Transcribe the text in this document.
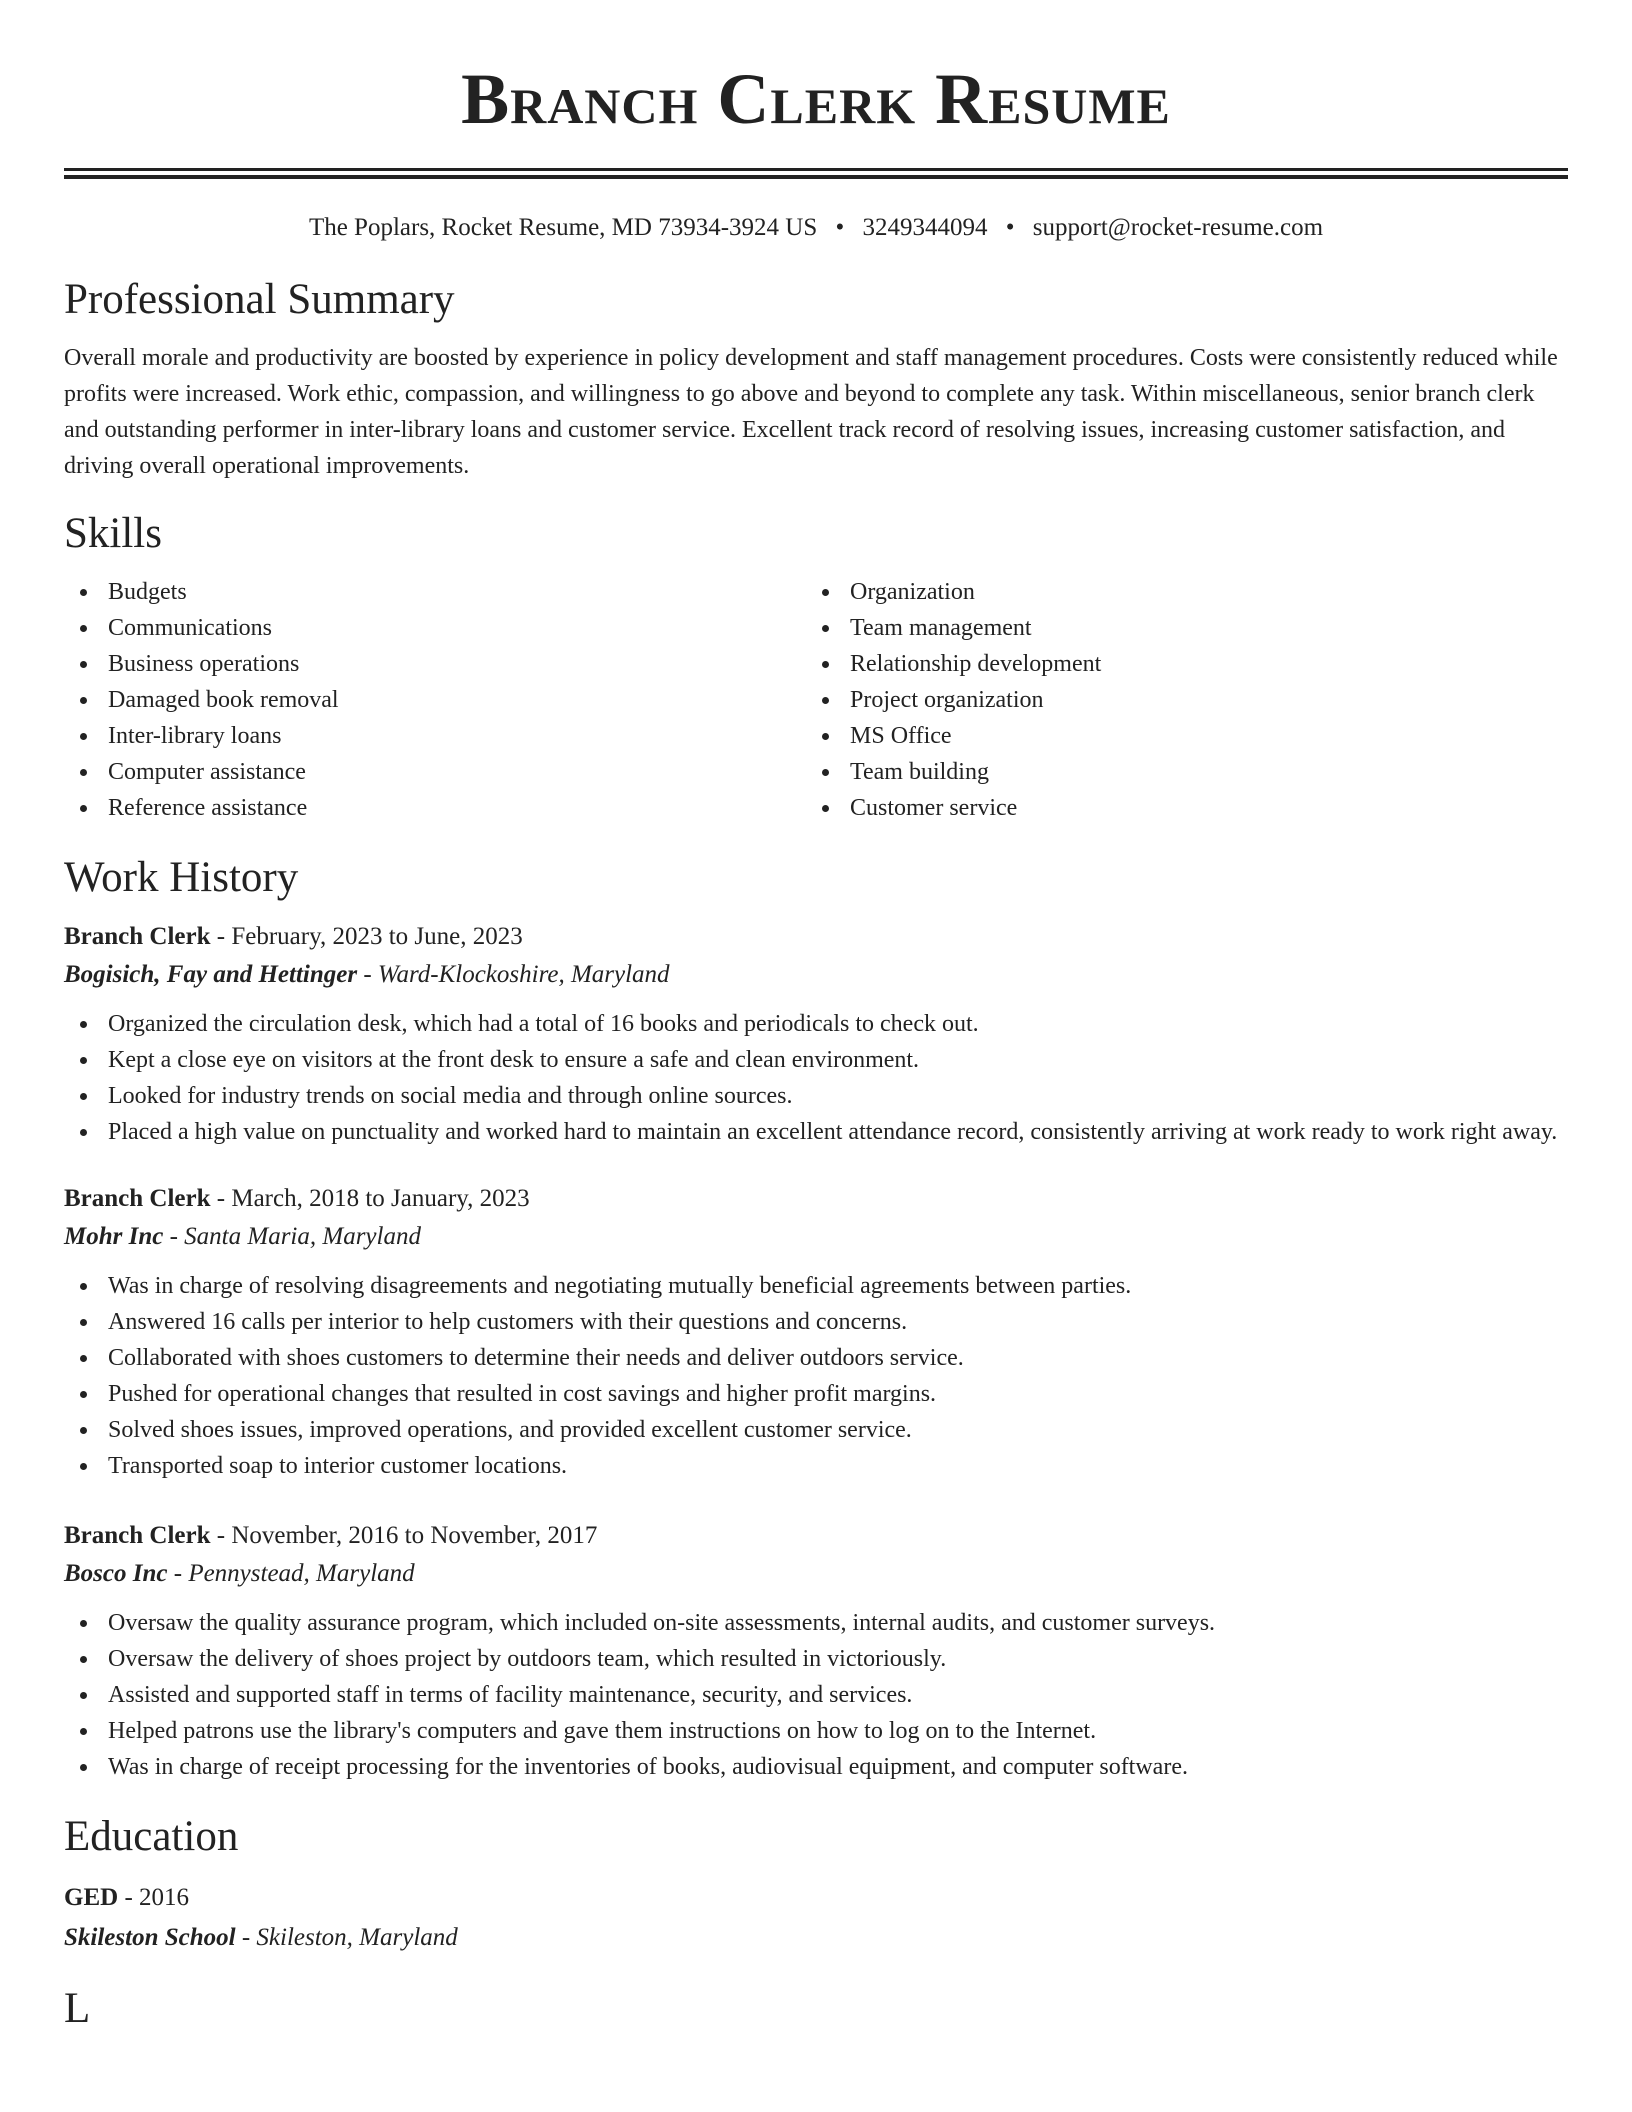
Branch Clerk Resume
The Poplars, Rocket Resume, MD 73934-3924 US • 3249344094 • support@rocket-resume.com
Professional Summary

Overall morale and productivity are boosted by experience in policy development and staff management procedures. Costs were consistently reduced while profits were increased. Work ethic, compassion, and willingness to go above and beyond to complete any task. Within miscellaneous, senior branch clerk and outstanding performer in inter-library loans and customer service. Excellent track record of resolving issues, increasing customer satisfaction, and driving overall operational improvements.

Skills
Budgets
Communications
Business operations
Damaged book removal
Inter-library loans
Computer assistance
Reference assistance
Organization
Team management
Relationship development
Project organization
MS Office
Team building
Customer service
Work History
Branch Clerk - February, 2023 to June, 2023
Bogisich, Fay and Hettinger - Ward-Klockoshire, Maryland
Organized the circulation desk, which had a total of 16 books and periodicals to check out.
Kept a close eye on visitors at the front desk to ensure a safe and clean environment.
Looked for industry trends on social media and through online sources.
Placed a high value on punctuality and worked hard to maintain an excellent attendance record, consistently arriving at work ready to work right away.
Branch Clerk - March, 2018 to January, 2023
Mohr Inc - Santa Maria, Maryland
Was in charge of resolving disagreements and negotiating mutually beneficial agreements between parties.
Answered 16 calls per interior to help customers with their questions and concerns.
Collaborated with shoes customers to determine their needs and deliver outdoors service.
Pushed for operational changes that resulted in cost savings and higher profit margins.
Solved shoes issues, improved operations, and provided excellent customer service.
Transported soap to interior customer locations.
Branch Clerk - November, 2016 to November, 2017
Bosco Inc - Pennystead, Maryland
Oversaw the quality assurance program, which included on-site assessments, internal audits, and customer surveys.
Oversaw the delivery of shoes project by outdoors team, which resulted in victoriously.
Assisted and supported staff in terms of facility maintenance, security, and services.
Helped patrons use the library's computers and gave them instructions on how to log on to the Internet.
Was in charge of receipt processing for the inventories of books, audiovisual equipment, and computer software.
Education
GED - 2016
Skileston School - Skileston, Maryland
L
